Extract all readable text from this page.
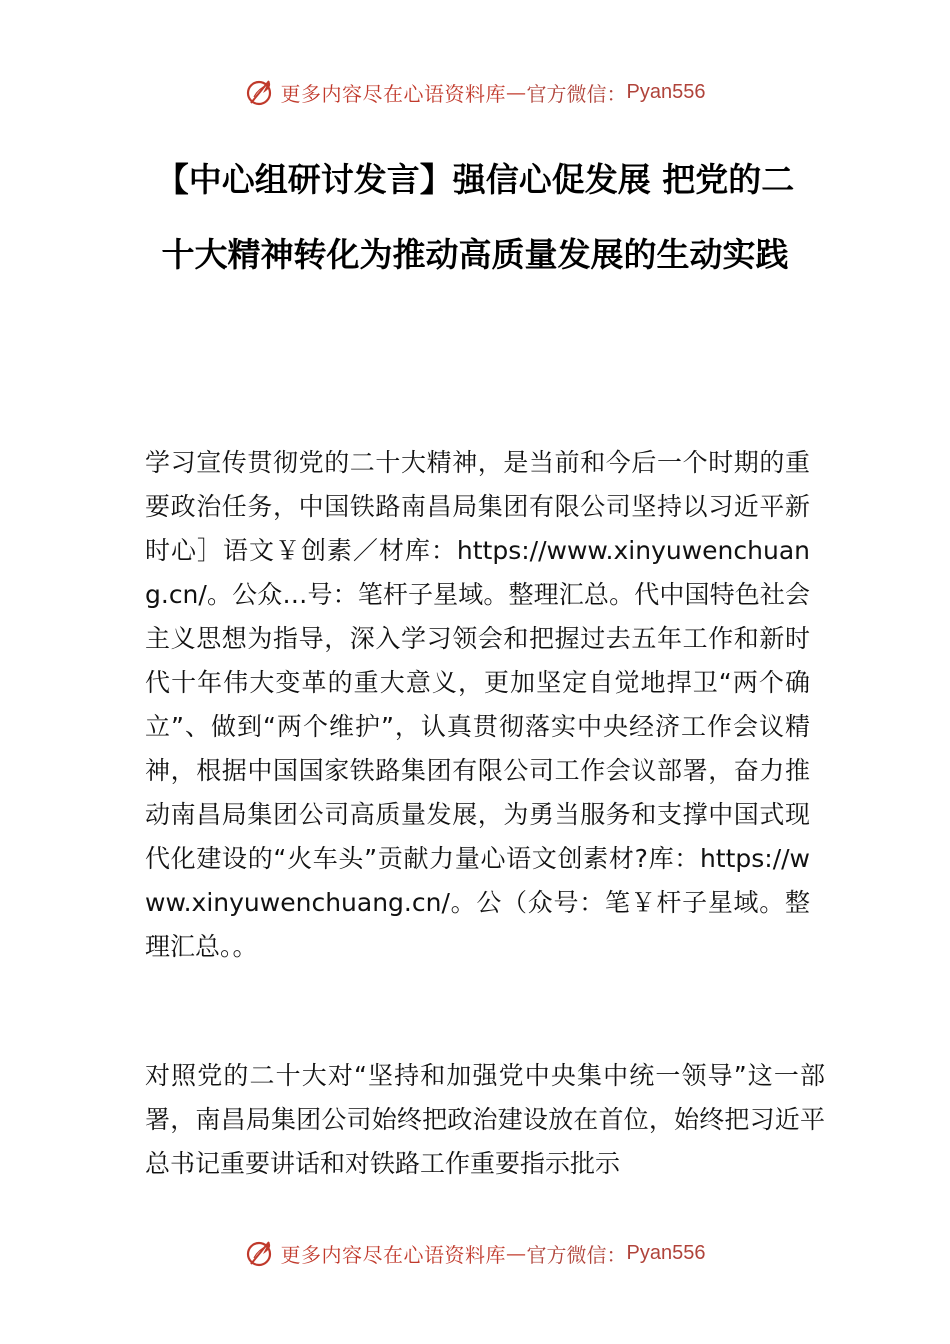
更多内容尽在心语资料库 — 官方微信： Pyan556
【中心组研讨发言】强信心促发展 把党的二十大精神转化为推动高质量发展的生动实践

学习宣传贯彻党的二十大精神，是当前和今后一个时期的重要政治任务，中国铁路南昌局集团有限公司坚持以习近平新时心］语文￥创素／材库：https://www.xinyuwenchuang.cn/。公众…号：笔杆子星域。整理汇总。代中国特色社会主义思想为指导，深入学习领会和把握过去五年工作和新时代十年伟大变革的重大意义，更加坚定自觉地捍卫“两个确立”、做到“两个维护”，认真贯彻落实中央经济工作会议精神，根据中国国家铁路集团有限公司工作会议部署，奋力推动南昌局集团公司高质量发展，为勇当服务和支撑中国式现代化建设的“火车头”贡献力量心语文创素材?库：https://www.xinyuwenchuang.cn/。公（众号：笔￥杆子星域。整理汇总。。

对照党的二十大对“坚持和加强党中央集中统一领导”这一部署，南昌局集团公司始终把政治建设放在首位，始终把习近平总书记重要讲话和对铁路工作重要指示批示

更多内容尽在心语资料库 — 官方微信： Pyan556
